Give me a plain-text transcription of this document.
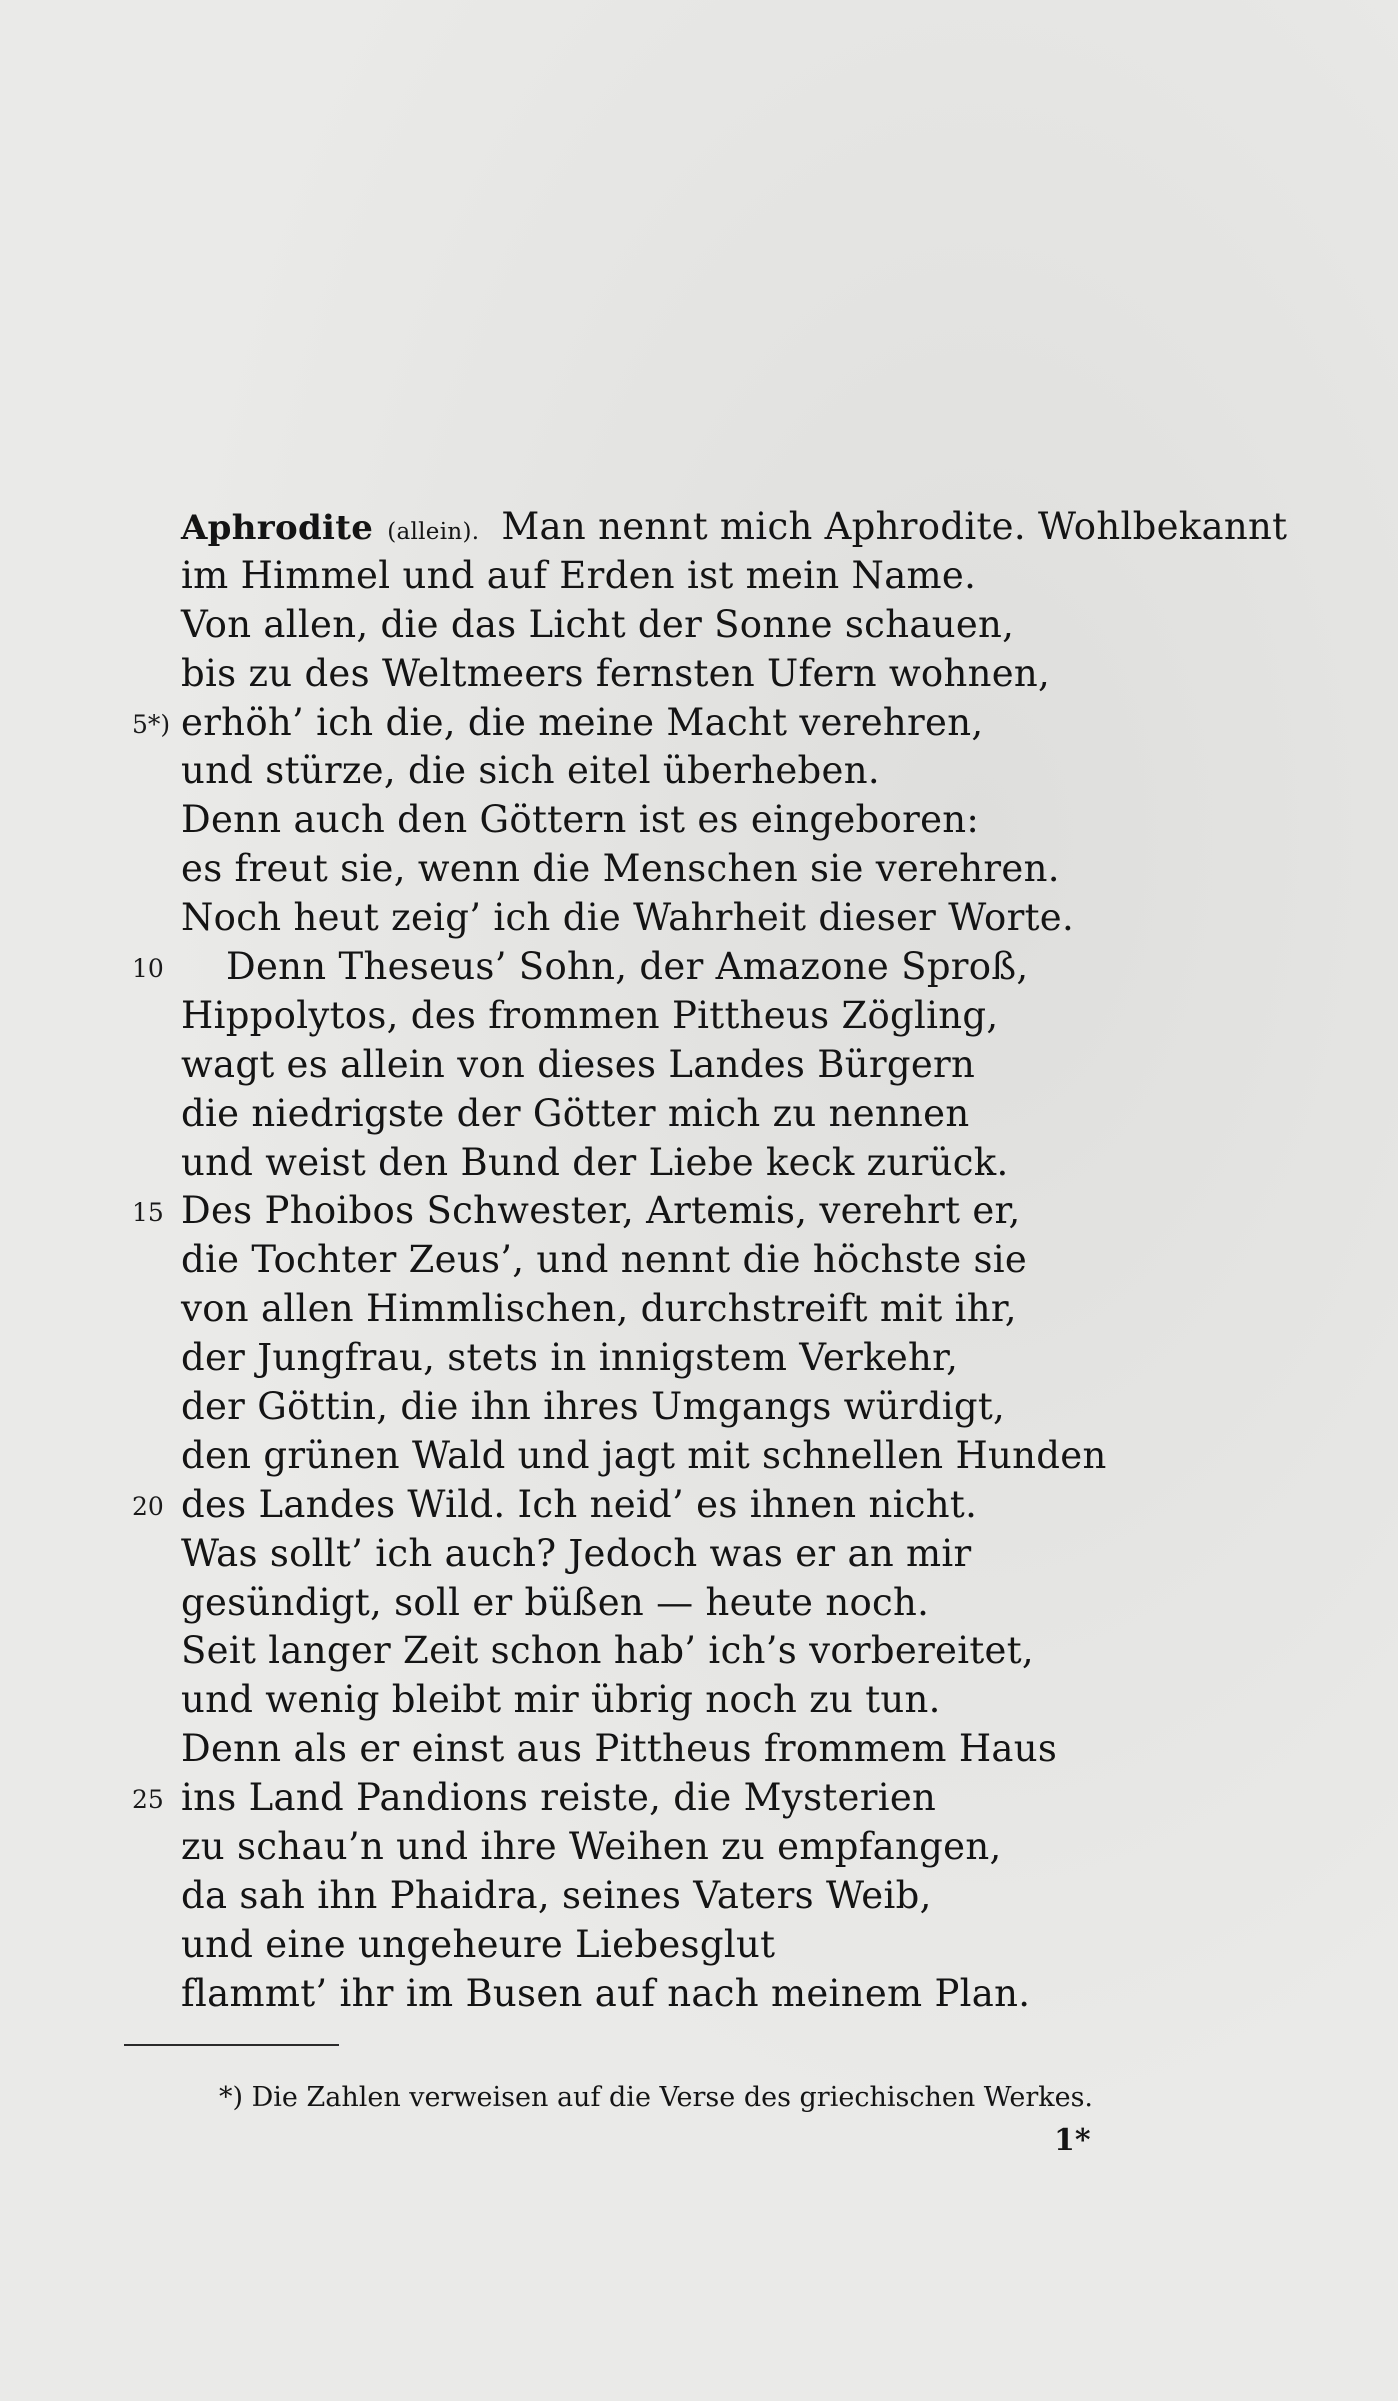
Aphrodite (allein). Man nennt mich Aphrodite. Wohlbekannt
im Himmel und auf Erden ist mein Name.
Von allen, die das Licht der Sonne schauen,
bis zu des Weltmeers fernsten Ufern wohnen,
5*) erhöh’ ich die, die meine Macht verehren,
und stürze, die sich eitel überheben.
Denn auch den Göttern ist es eingeboren:
es freut sie, wenn die Menschen sie verehren.
Noch heut zeig’ ich die Wahrheit dieser Worte.
10 Denn Theseus’ Sohn, der Amazone Sproß,
Hippolytos, des frommen Pittheus Zögling,
wagt es allein von dieses Landes Bürgern
die niedrigste der Götter mich zu nennen
und weist den Bund der Liebe keck zurück.
15 Des Phoibos Schwester, Artemis, verehrt er,
die Tochter Zeus’, und nennt die höchste sie
von allen Himmlischen, durchstreift mit ihr,
der Jungfrau, stets in innigstem Verkehr,
der Göttin, die ihn ihres Umgangs würdigt,
den grünen Wald und jagt mit schnellen Hunden
20 des Landes Wild. Ich neid’ es ihnen nicht.
Was sollt’ ich auch? Jedoch was er an mir
gesündigt, soll er büßen — heute noch.
Seit langer Zeit schon hab’ ich’s vorbereitet,
und wenig bleibt mir übrig noch zu tun.
Denn als er einst aus Pittheus frommem Haus
25 ins Land Pandions reiste, die Mysterien
zu schau’n und ihre Weihen zu empfangen,
da sah ihn Phaidra, seines Vaters Weib,
und eine ungeheure Liebesglut
flammt’ ihr im Busen auf nach meinem Plan.
*) Die Zahlen verweisen auf die Verse des griechischen Werkes.
1*
